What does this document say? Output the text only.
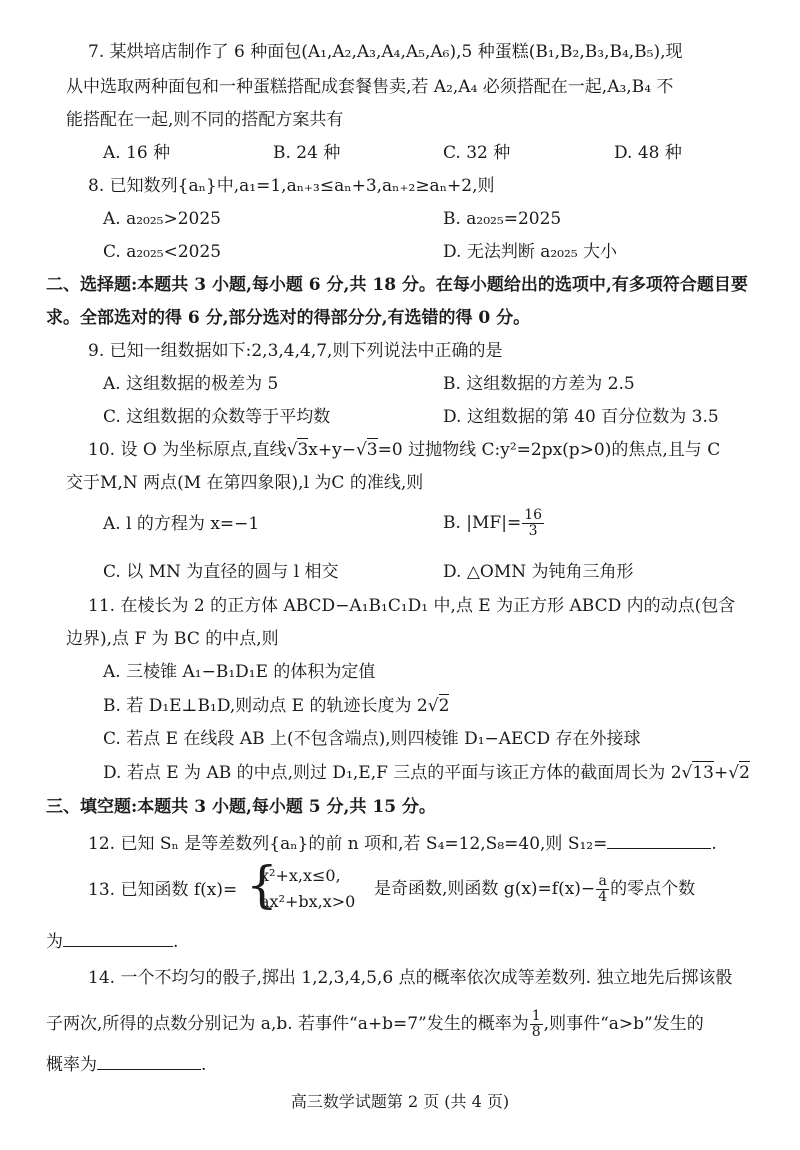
7. 某烘培店制作了 6 种面包(A₁,A₂,A₃,A₄,A₅,A₆),5 种蛋糕(B₁,B₂,B₃,B₄,B₅),现
从中选取两种面包和一种蛋糕搭配成套餐售卖,若 A₂,A₄ 必须搭配在一起,A₃,B₄ 不
能搭配在一起,则不同的搭配方案共有
A. 16 种	B. 24 种	C. 32 种	D. 48 种
8. 已知数列{aₙ}中,a₁=1,aₙ₊₃≤aₙ+3,aₙ₊₂≥aₙ+2,则
A. a₂₀₂₅>2025	B. a₂₀₂₅=2025
C. a₂₀₂₅<2025	D. 无法判断 a₂₀₂₅ 大小
二、选择题:本题共 3 小题,每小题 6 分,共 18 分。在每小题给出的选项中,有多项符合题目要
求。全部选对的得 6 分,部分选对的得部分分,有选错的得 0 分。
9. 已知一组数据如下:2,3,4,4,7,则下列说法中正确的是
A. 这组数据的极差为 5	B. 这组数据的方差为 2.5
C. 这组数据的众数等于平均数	D. 这组数据的第 40 百分位数为 3.5
10. 设 O 为坐标原点,直线√3x+y−√3=0 过抛物线 C:y²=2px(p>0)的焦点,且与 C
交于M,N 两点(M 在第四象限),l 为C 的准线,则
A. l 的方程为 x=−1	B. $|MF|= \frac{16}{3}$
C. 以 MN 为直径的圆与 l 相交	D. △OMN 为钝角三角形
11. 在棱长为 2 的正方体 ABCD−A₁B₁C₁D₁ 中,点 E 为正方形 ABCD 内的动点(包含
边界),点 F 为 BC 的中点,则
A. 三棱锥 A₁−B₁D₁E 的体积为定值
B. 若 D₁E⊥B₁D,则动点 E 的轨迹长度为 2√2
C. 若点 E 在线段 AB 上(不包含端点),则四棱锥 D₁−AECD 存在外接球
D. 若点 E 为 AB 的中点,则过 D₁,E,F 三点的平面与该正方体的截面周长为 2√13+√2
三、填空题:本题共 3 小题,每小题 5 分,共 15 分。
12. 已知 Sₙ 是等差数列{aₙ}的前 n 项和,若 S₄=12,S₈=40,则 S₁₂=	.
13. 已知函数 f(x)= {
x²+x,x≤0,
ax²+bx,x>0
是奇函数,则函数 $g(x)=f(x)- \frac{a}{4}$ 的零点个数
为	.
14. 一个不均匀的骰子,掷出 1,2,3,4,5,6 点的概率依次成等差数列. 独立地先后掷该骰
子两次,所得的点数分别记为 a,b. 若事件“a+b=7”发生的概率为 $\frac{1}{8}$ ,则事件“a>b”发生的
概率为	.
高三数学试题第 2 页 (共 4 页)
